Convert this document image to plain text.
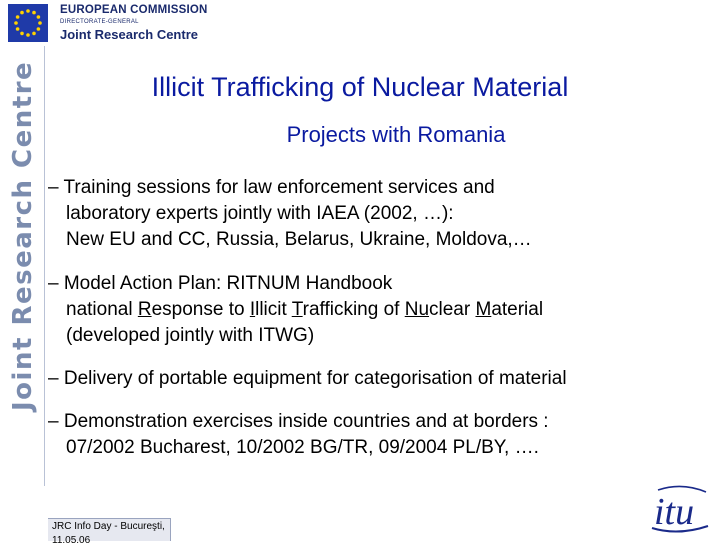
EUROPEAN COMMISSION
DIRECTORATE-GENERAL
Joint Research Centre
Joint Research Centre	Illicit Trafficking of Nuclear Material
Projects with Romania
– Training sessions for law enforcement services and
laboratory experts jointly with IAEA (2002, …):
New EU and CC, Russia, Belarus, Ukraine, Moldova,…
– Model Action Plan: RITNUM Handbook
national Response to Illicit Trafficking of Nuclear Material
(developed jointly with ITWG)
– Delivery of portable equipment for categorisation of material
– Demonstration exercises inside countries and at borders :
07/2002 Bucharest, 10/2002 BG/TR, 09/2004 PL/BY, ….
JRC Info Day - Bucureşti,
11.05.06
itu
